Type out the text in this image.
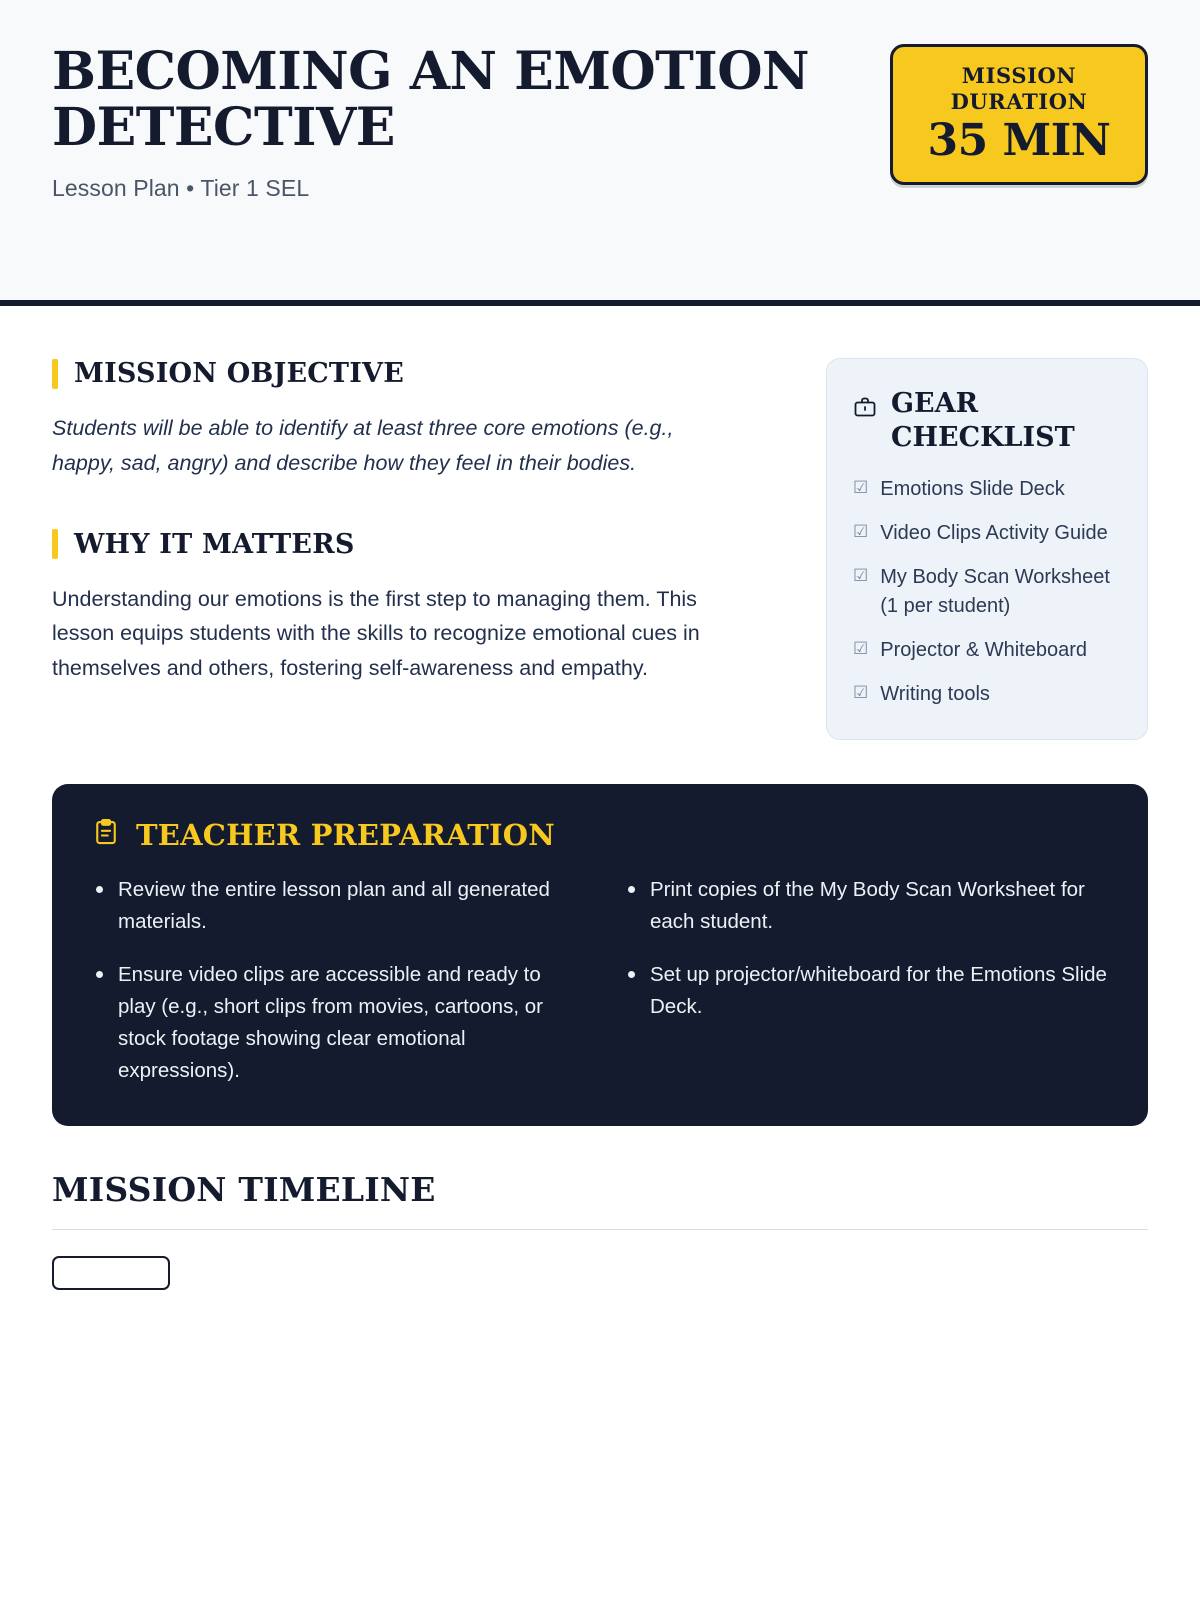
BECOMING AN EMOTION DETECTIVE
Lesson Plan • Tier 1 SEL
MISSION DURATION
35 MIN
MISSION OBJECTIVE

Students will be able to identify at least three core emotions (e.g., happy, sad, angry) and describe how they feel in their bodies.

WHY IT MATTERS

Understanding our emotions is the first step to managing them. This lesson equips students with the skills to recognize emotional cues in themselves and others, fostering self-awareness and empathy.

GEAR CHECKLIST
☑ Emotions Slide Deck
☑ Video Clips Activity Guide
☑ My Body Scan Worksheet (1 per student)
☑ Projector & Whiteboard
☑ Writing tools
TEACHER PREPARATION
Review the entire lesson plan and all generated materials.
Ensure video clips are accessible and ready to play (e.g., short clips from movies, cartoons, or stock footage showing clear emotional expressions).
Print copies of the My Body Scan Worksheet for each student.
Set up projector/whiteboard for the Emotions Slide Deck.
MISSION TIMELINE
